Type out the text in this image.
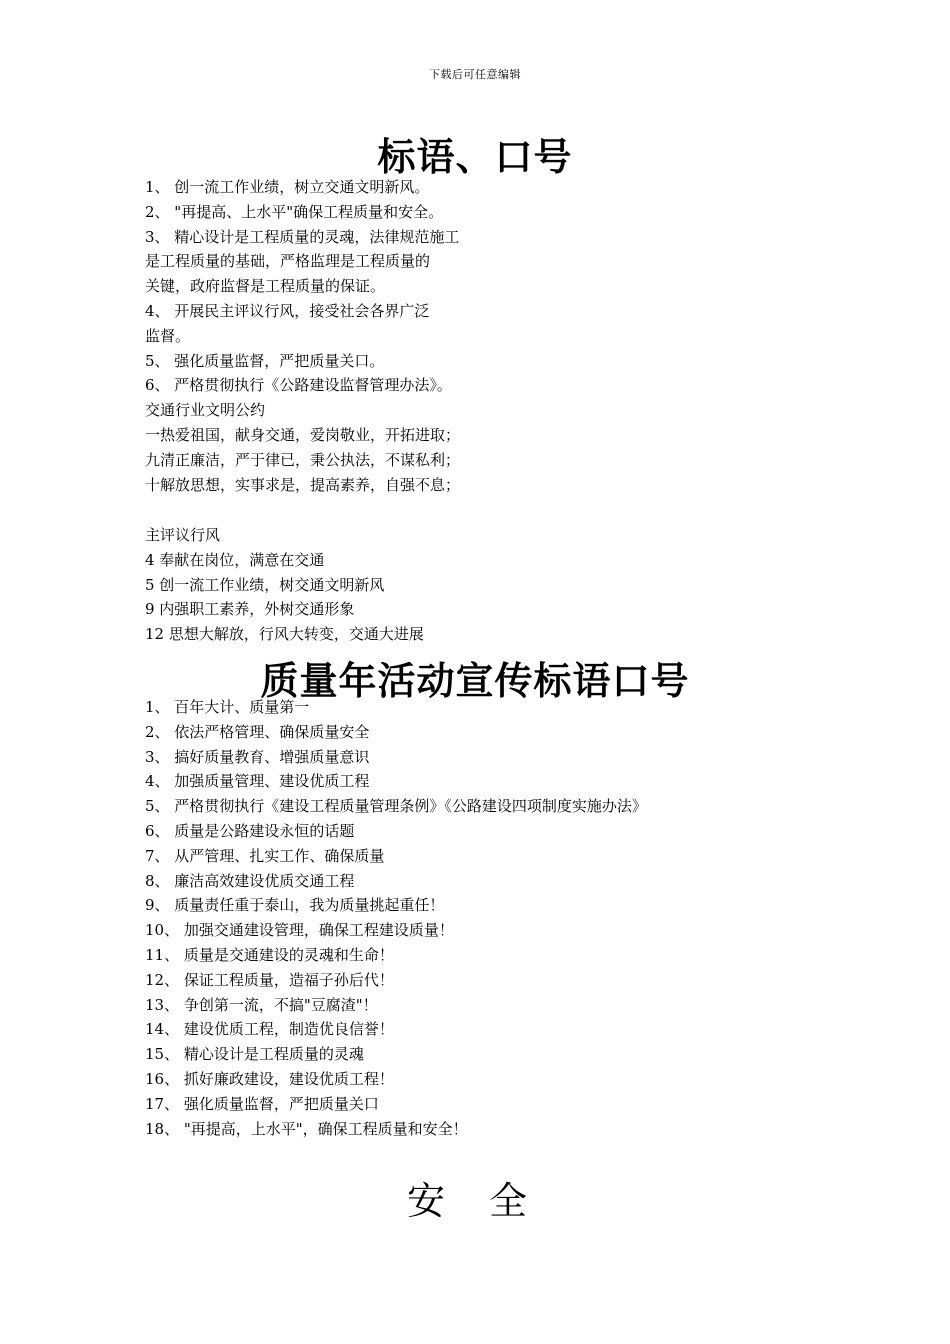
下载后可任意编辑
标语、口号
1、 创一流工作业绩，树立交通文明新风。
2、 "再提高、上水平"确保工程质量和安全。
3、 精心设计是工程质量的灵魂，法律规范施工
是工程质量的基础，严格监理是工程质量的
关键，政府监督是工程质量的保证。
4、 开展民主评议行风，接受社会各界广泛
监督。
5、 强化质量监督，严把质量关口。
6、 严格贯彻执行《公路建设监督管理办法》。
交通行业文明公约
一热爱祖国，献身交通，爱岗敬业，开拓进取；
九清正廉洁，严于律已，秉公执法，不谋私利；
十解放思想，实事求是，提高素养，自强不息；
主评议行风
4 奉献在岗位，满意在交通
5 创一流工作业绩，树交通文明新风
9 内强职工素养，外树交通形象
12 思想大解放，行风大转变，交通大进展
质量年活动宣传标语口号
1、 百年大计、质量第一
2、 依法严格管理、确保质量安全
3、 搞好质量教育、增强质量意识
4、 加强质量管理、建设优质工程
5、 严格贯彻执行《建设工程质量管理条例》《公路建设四项制度实施办法》
6、 质量是公路建设永恒的话题
7、 从严管理、扎实工作、确保质量
8、 廉洁高效建设优质交通工程
9、 质量责任重于泰山，我为质量挑起重任！
10、 加强交通建设管理，确保工程建设质量！
11、 质量是交通建设的灵魂和生命！
12、 保证工程质量，造福子孙后代！
13、 争创第一流，不搞"豆腐渣"！
14、 建设优质工程，制造优良信誉！
15、 精心设计是工程质量的灵魂
16、 抓好廉政建设，建设优质工程！
17、 强化质量监督，严把质量关口
18、 "再提高，上水平"，确保工程质量和安全！
安 全
